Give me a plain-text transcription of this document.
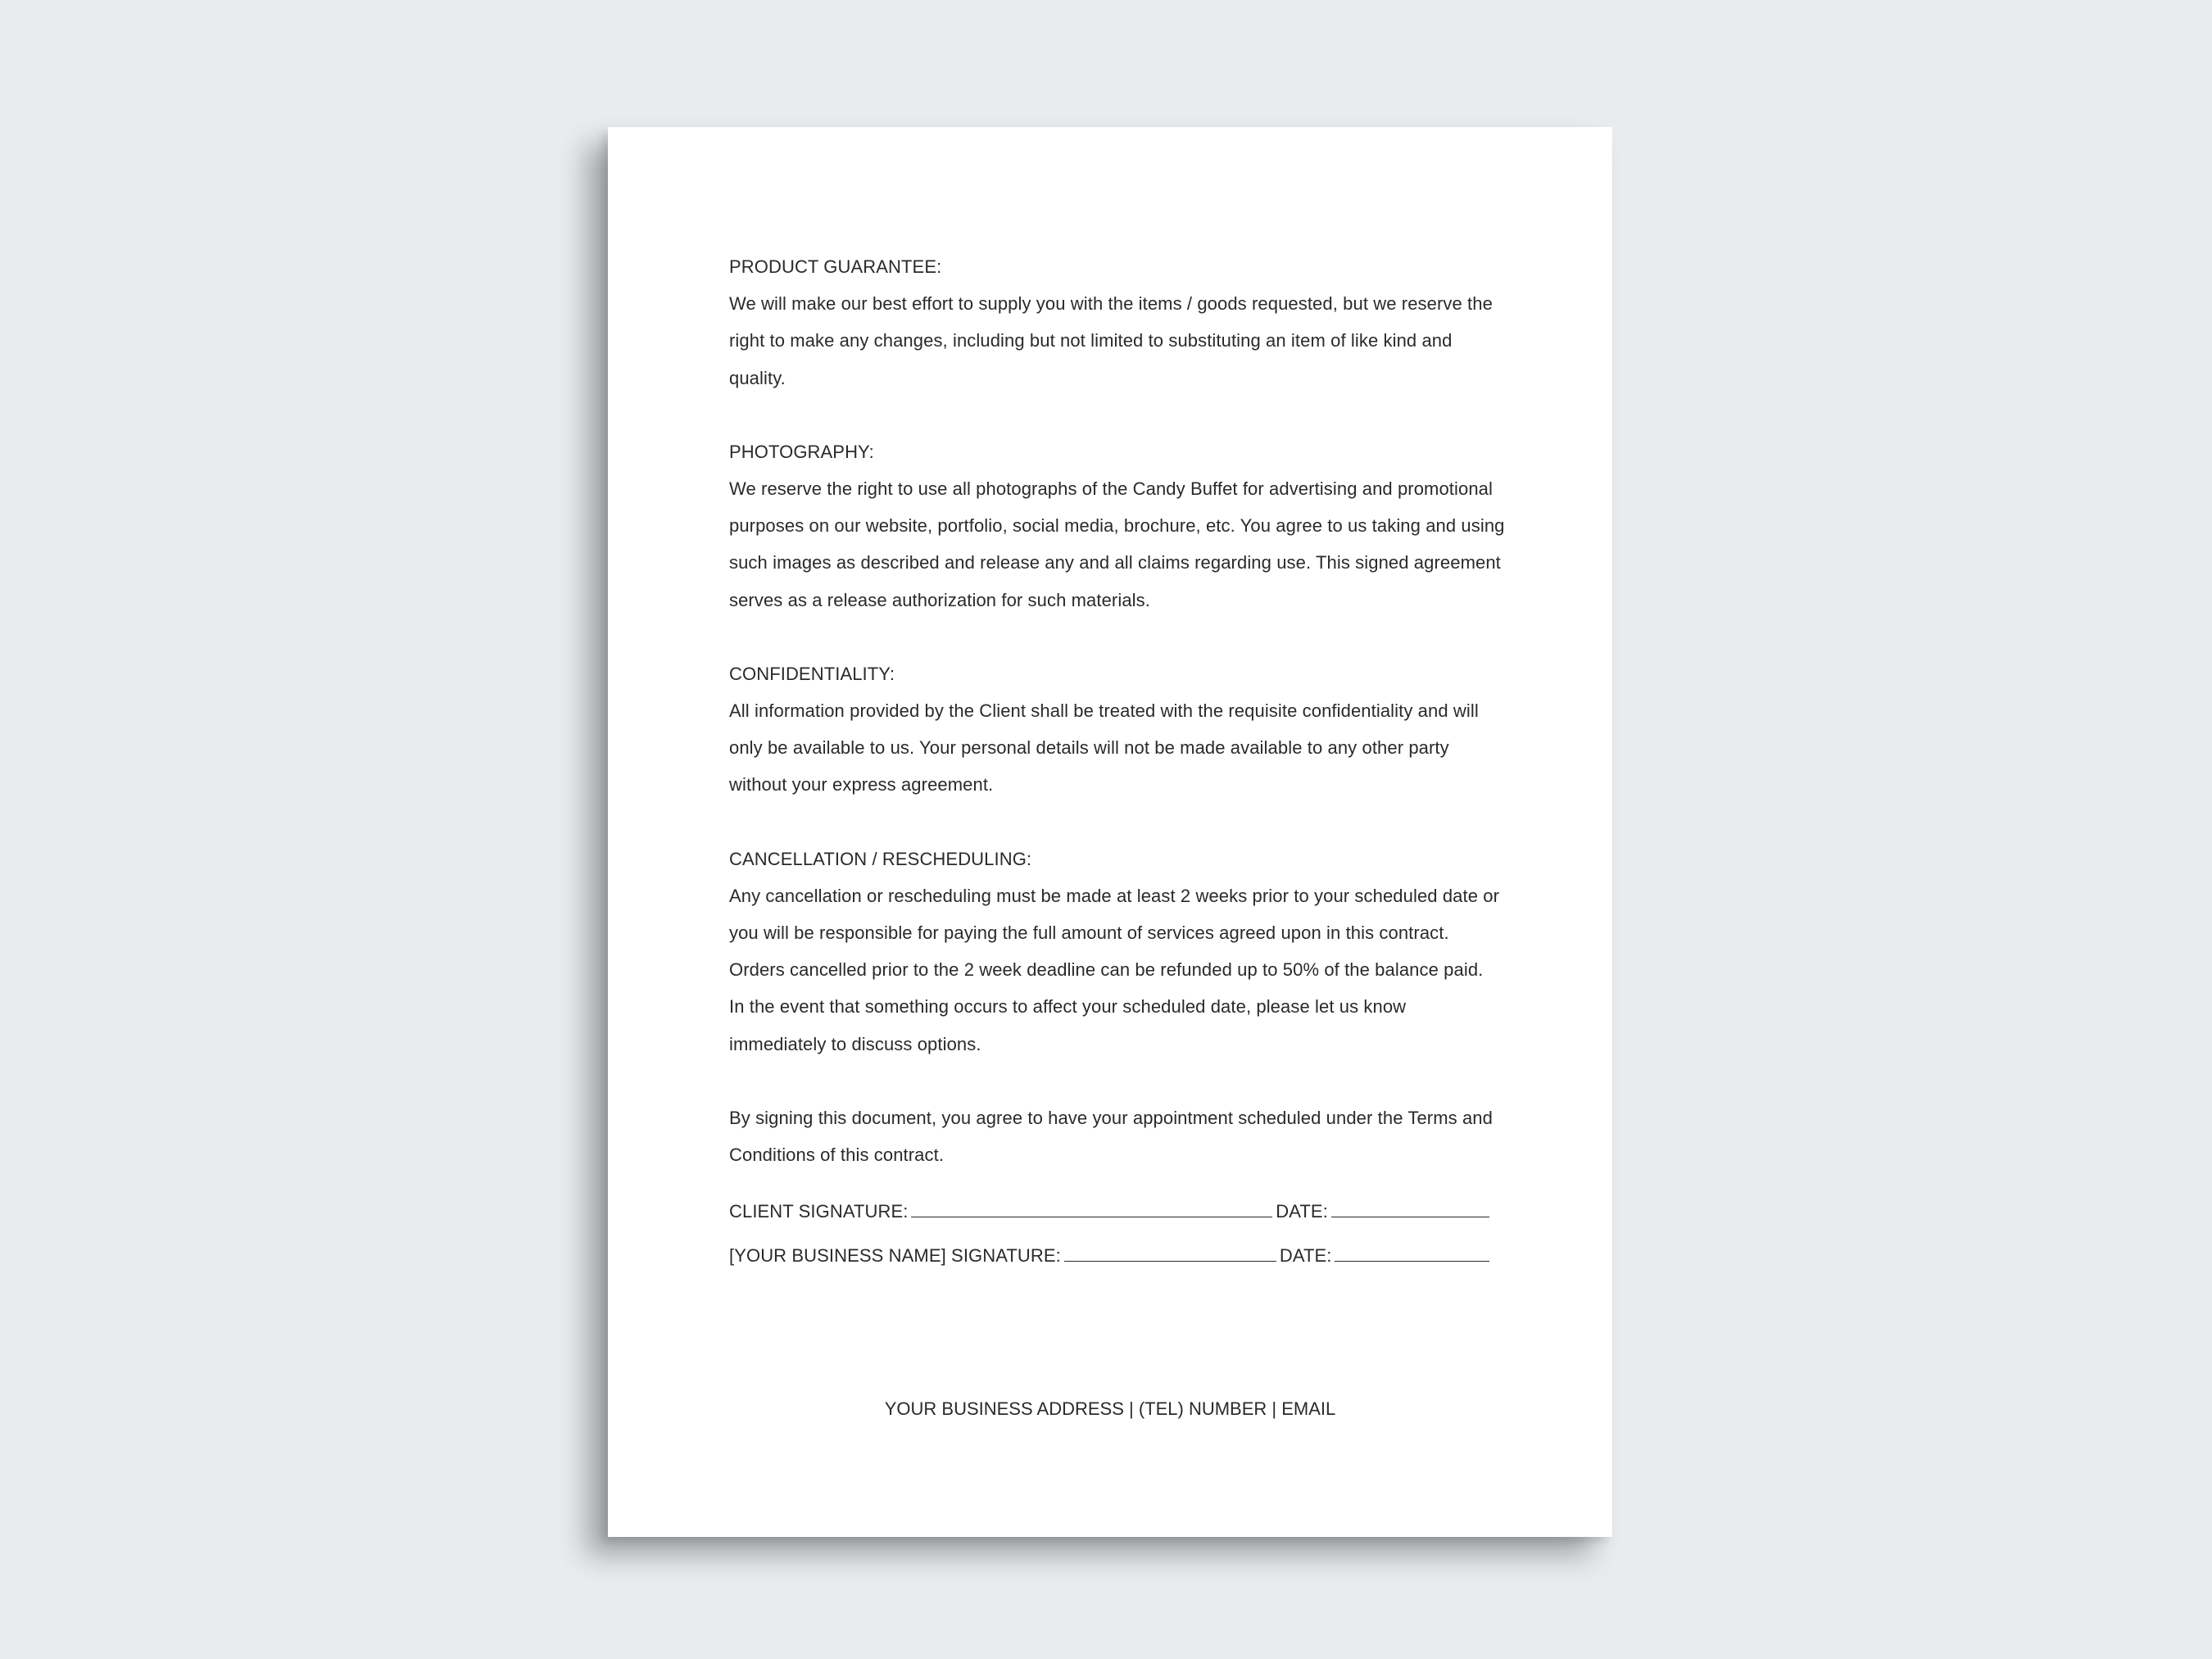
PRODUCT GUARANTEE:

We will make our best effort to supply you with the items / goods requested, but we reserve the right to make any changes, including but not limited to substituting an item of like kind and quality.

PHOTOGRAPHY:

We reserve the right to use all photographs of the Candy Buffet for advertising and promotional purposes on our website, portfolio, social media, brochure, etc. You agree to us taking and using such images as described and release any and all claims regarding use. This signed agreement serves as a release authorization for such materials.

CONFIDENTIALITY:

All information provided by the Client shall be treated with the requisite confidentiality and will only be available to us. Your personal details will not be made available to any other party without your express agreement.

CANCELLATION / RESCHEDULING:

Any cancellation or rescheduling must be made at least 2 weeks prior to your scheduled date or you will be responsible for paying the full amount of services agreed upon in this contract. Orders cancelled prior to the 2 week deadline can be refunded up to 50% of the balance paid.

In the event that something occurs to affect your scheduled date, please let us know immediately to discuss options.

By signing this document, you agree to have your appointment scheduled under the Terms and Conditions of this contract.

CLIENT SIGNATURE:	DATE:
[YOUR BUSINESS NAME] SIGNATURE:	DATE:
YOUR BUSINESS ADDRESS | (TEL) NUMBER | EMAIL
